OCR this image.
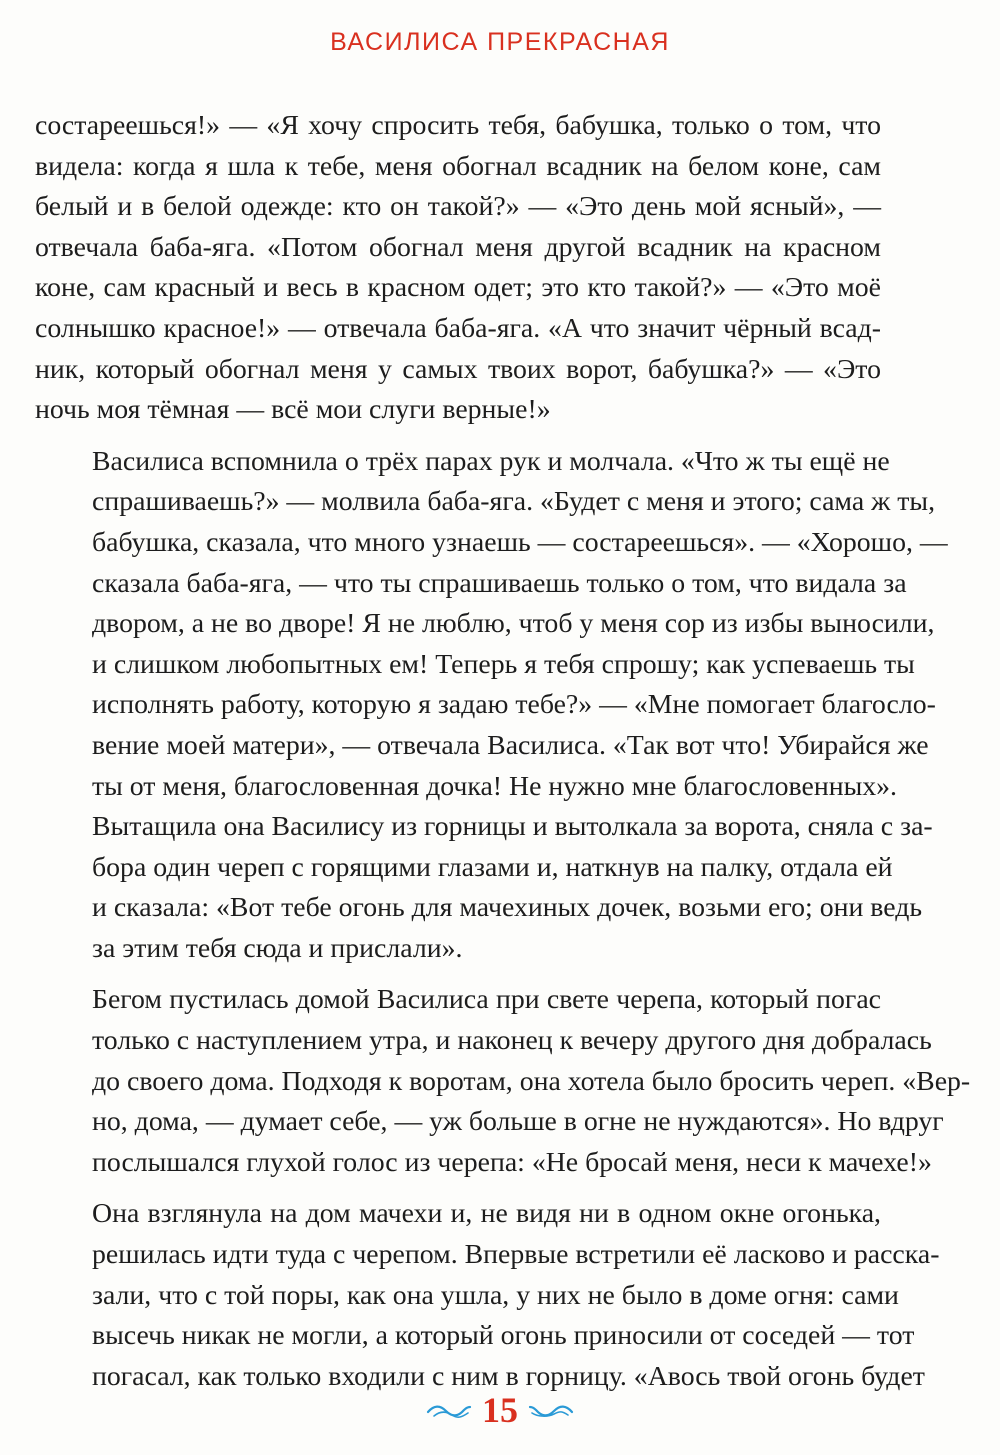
ВАСИЛИСА ПРЕКРАСНАЯ

состареешься!» — «Я хочу спросить тебя, бабушка, только о том, что
видела: когда я шла к тебе, меня обогнал всадник на белом коне, сам
белый и в белой одежде: кто он такой?» — «Это день мой ясный», —
отвечала баба-яга. «Потом обогнал меня другой всадник на красном
коне, сам красный и весь в красном одет; это кто такой?» — «Это моё
солнышко красное!» — отвечала баба-яга. «А что значит чёрный всад-
ник, который обогнал меня у самых твоих ворот, бабушка?» — «Это
ночь моя тёмная — всё мои слуги верные!»

Василиса вспомнила о трёх парах рук и молчала. «Что ж ты ещё не
спрашиваешь?» — молвила баба-яга. «Будет с меня и этого; сама ж ты,
бабушка, сказала, что много узнаешь — состареешься». — «Хорошо, —
сказала баба-яга, — что ты спрашиваешь только о том, что видала за
двором, а не во дворе! Я не люблю, чтоб у меня сор из избы выносили,
и слишком любопытных ем! Теперь я тебя спрошу; как успеваешь ты
исполнять работу, которую я задаю тебе?» — «Мне помогает благосло-
вение моей матери», — отвечала Василиса. «Так вот что! Убирайся же
ты от меня, благословенная дочка! Не нужно мне благословенных».
Вытащила она Василису из горницы и вытолкала за ворота, сняла с за-
бора один череп с горящими глазами и, наткнув на палку, отдала ей
и сказала: «Вот тебе огонь для мачехиных дочек, возьми его; они ведь
за этим тебя сюда и прислали».

Бегом пустилась домой Василиса при свете черепа, который погас
только с наступлением утра, и наконец к вечеру другого дня добралась
до своего дома. Подходя к воротам, она хотела было бросить череп. «Вер-
но, дома, — думает себе, — уж больше в огне не нуждаются». Но вдруг
послышался глухой голос из черепа: «Не бросай меня, неси к мачехе!»

Она взглянула на дом мачехи и, не видя ни в одном окне огонька,
решилась идти туда с черепом. Впервые встретили её ласково и расска-
зали, что с той поры, как она ушла, у них не было в доме огня: сами
высечь никак не могли, а который огонь приносили от соседей — тот
погасал, как только входили с ним в горницу. «Авось твой огонь будет

15
